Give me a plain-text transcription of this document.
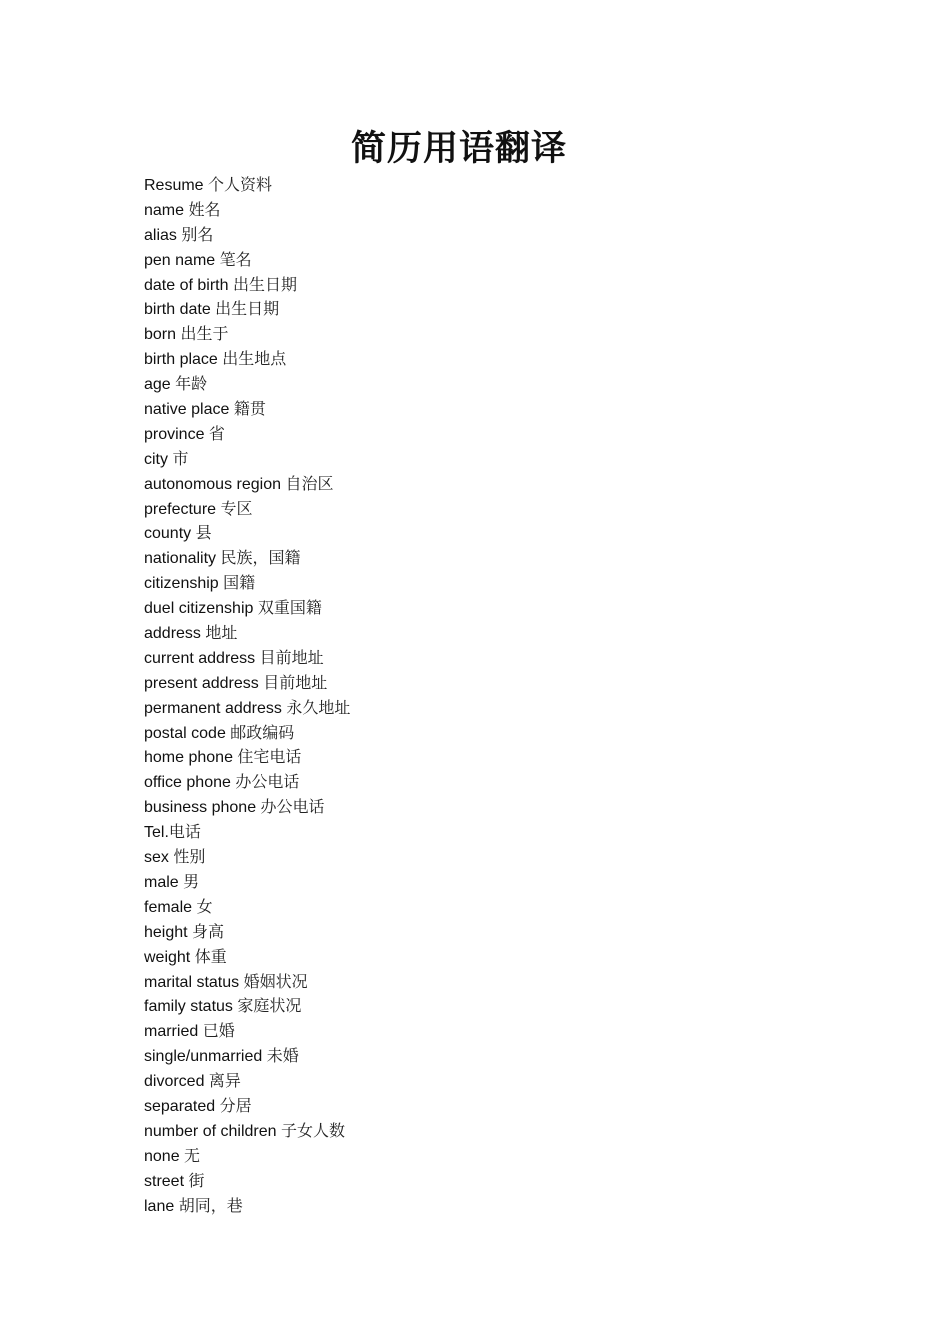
简历用语翻译
Resume 个人资料
name 姓名
alias 别名
pen name 笔名
date of birth 出生日期
birth date 出生日期
born 出生于
birth place 出生地点
age 年龄
native place 籍贯
province 省
city 市
autonomous region 自治区
prefecture 专区
county 县
nationality 民族，国籍
citizenship 国籍
duel citizenship 双重国籍
address 地址
current address 目前地址
present address 目前地址
permanent address 永久地址
postal code 邮政编码
home phone 住宅电话
office phone 办公电话
business phone 办公电话
Tel.电话
sex 性别
male 男
female 女
height 身高
weight 体重
marital status 婚姻状况
family status 家庭状况
married 已婚
single/unmarried 未婚
divorced 离异
separated 分居
number of children 子女人数
none 无
street 街
lane 胡同，巷
